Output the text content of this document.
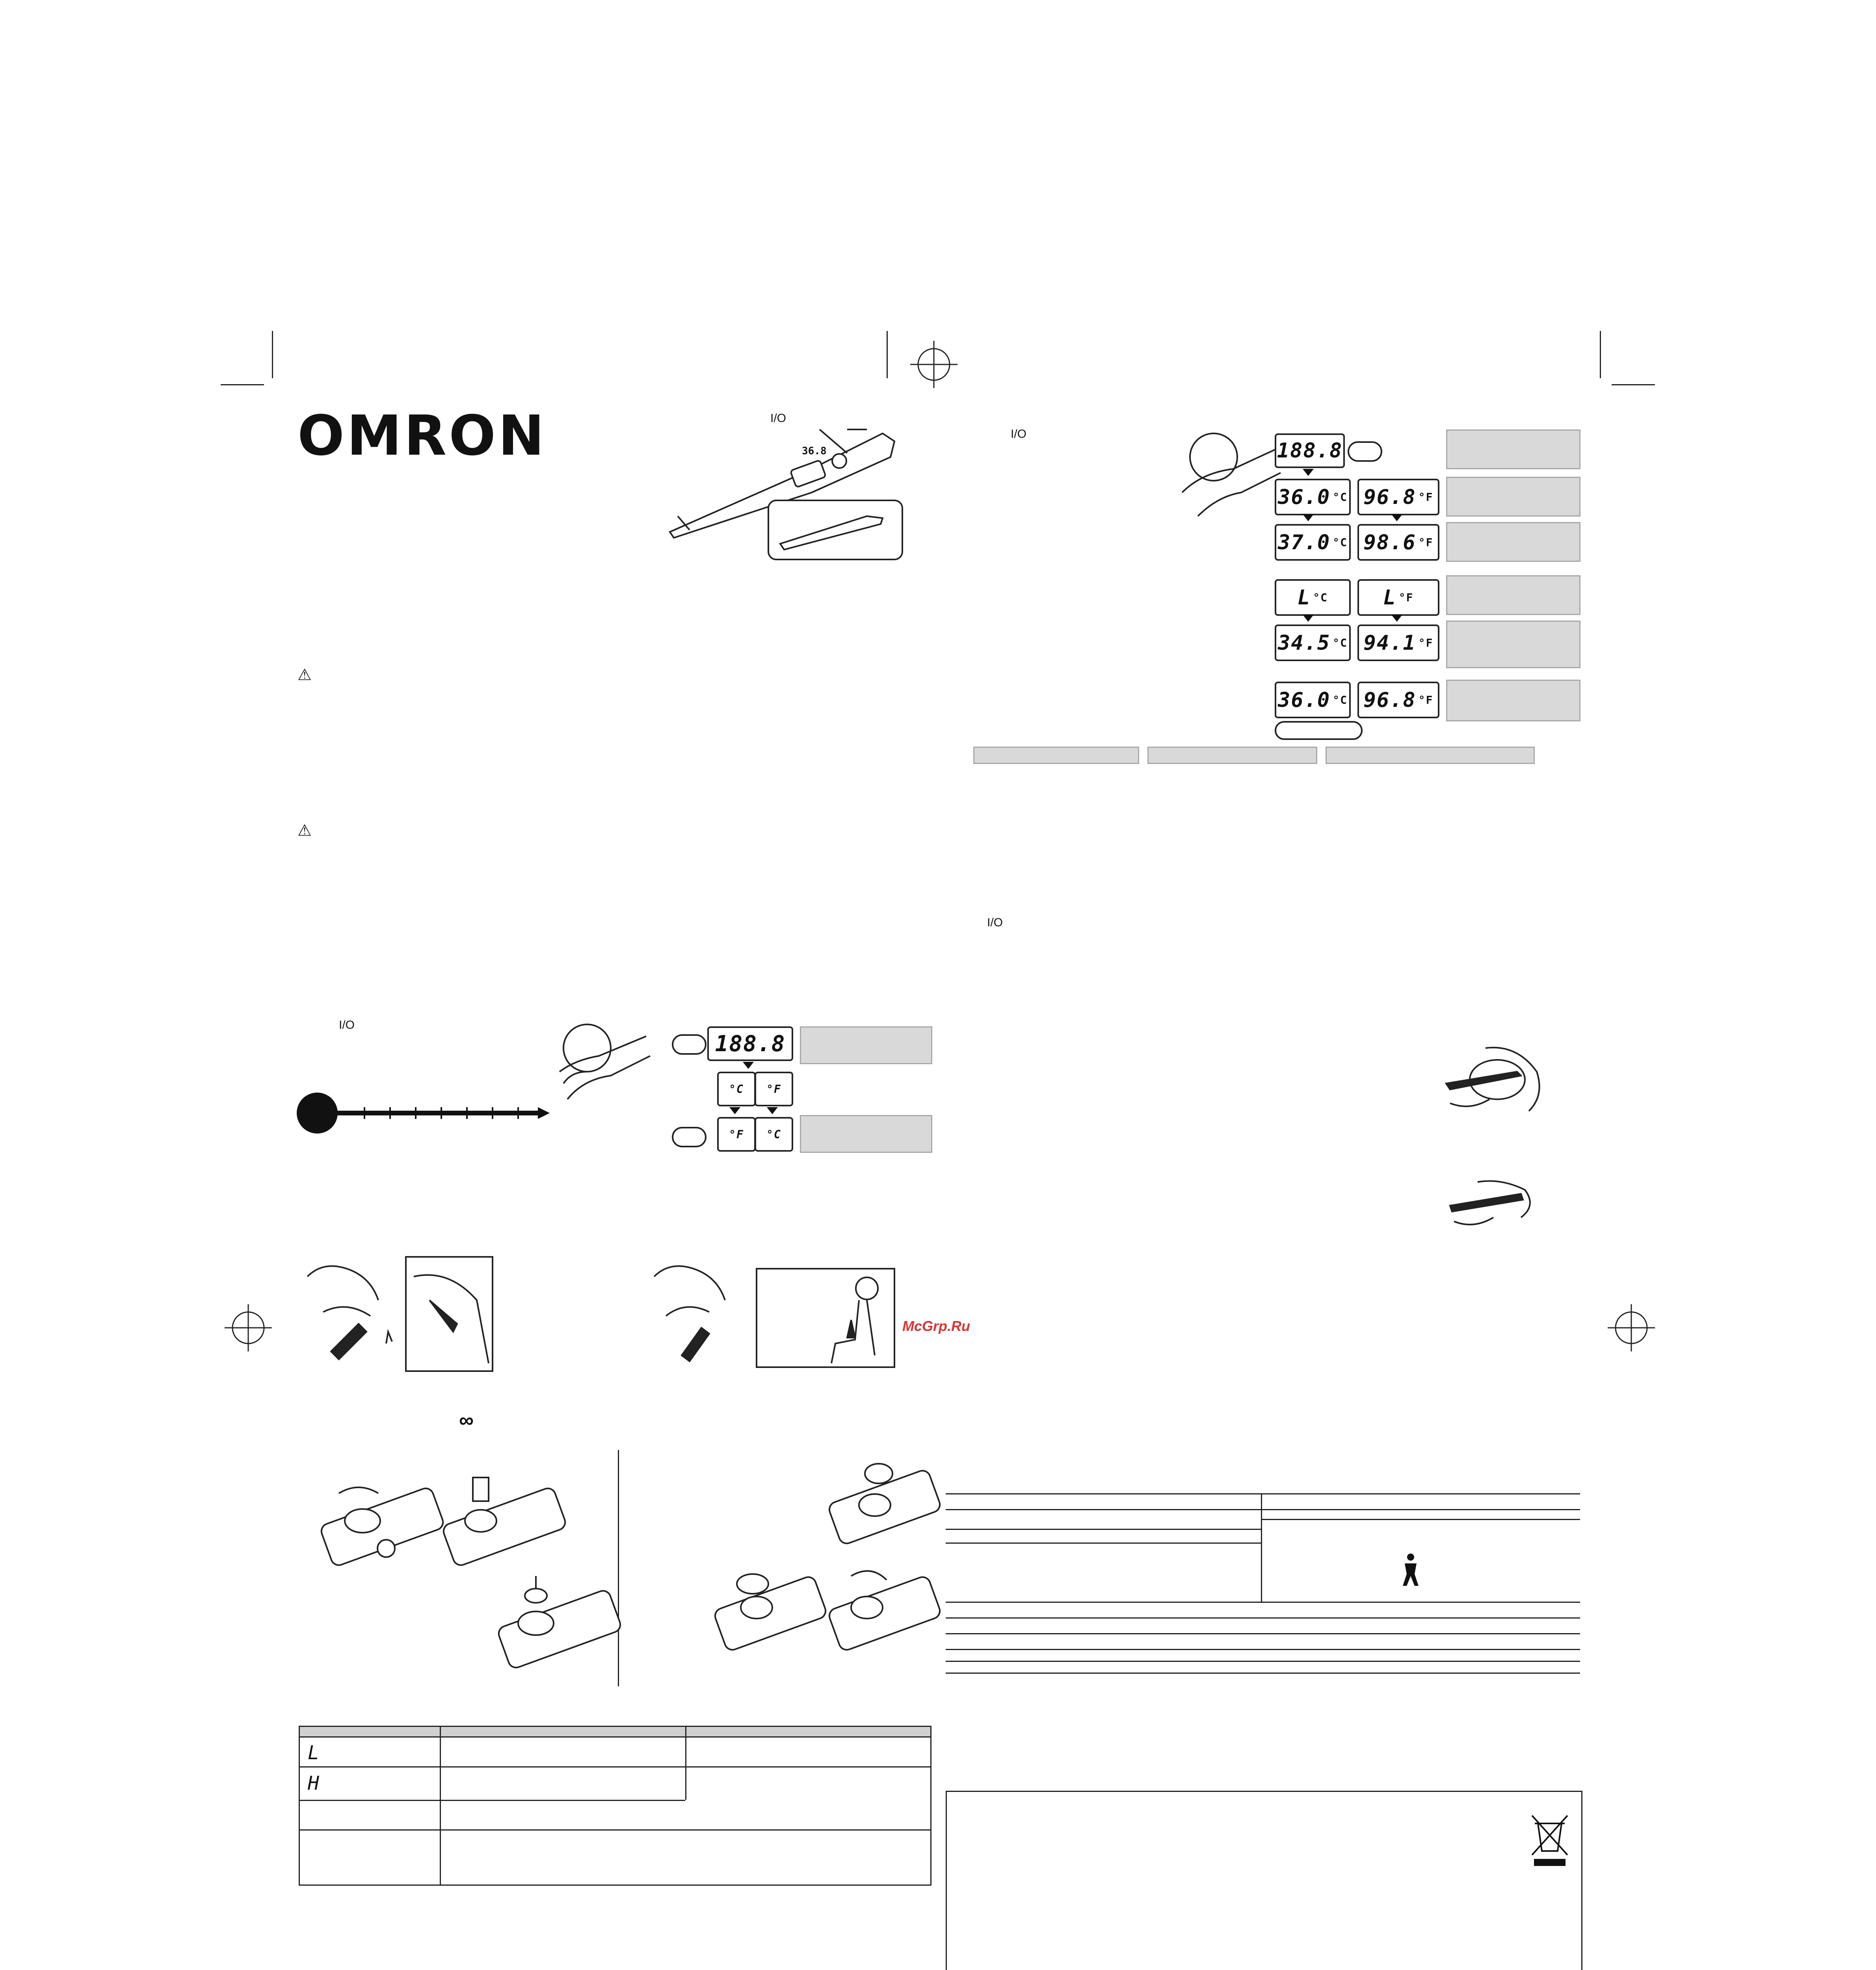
OMRON	I/O
36.8
⚠
⚠
I/O
188.8
°C °F
°F °C
McGrp.Ru
∞
L
H
I/O
188.8
36.0 °C 96.8 °F
37.0 °C 98.6 °F
L °C	L °F
34.5 °C 94.1 °F
36.0 °C 96.8 °F
I/O
